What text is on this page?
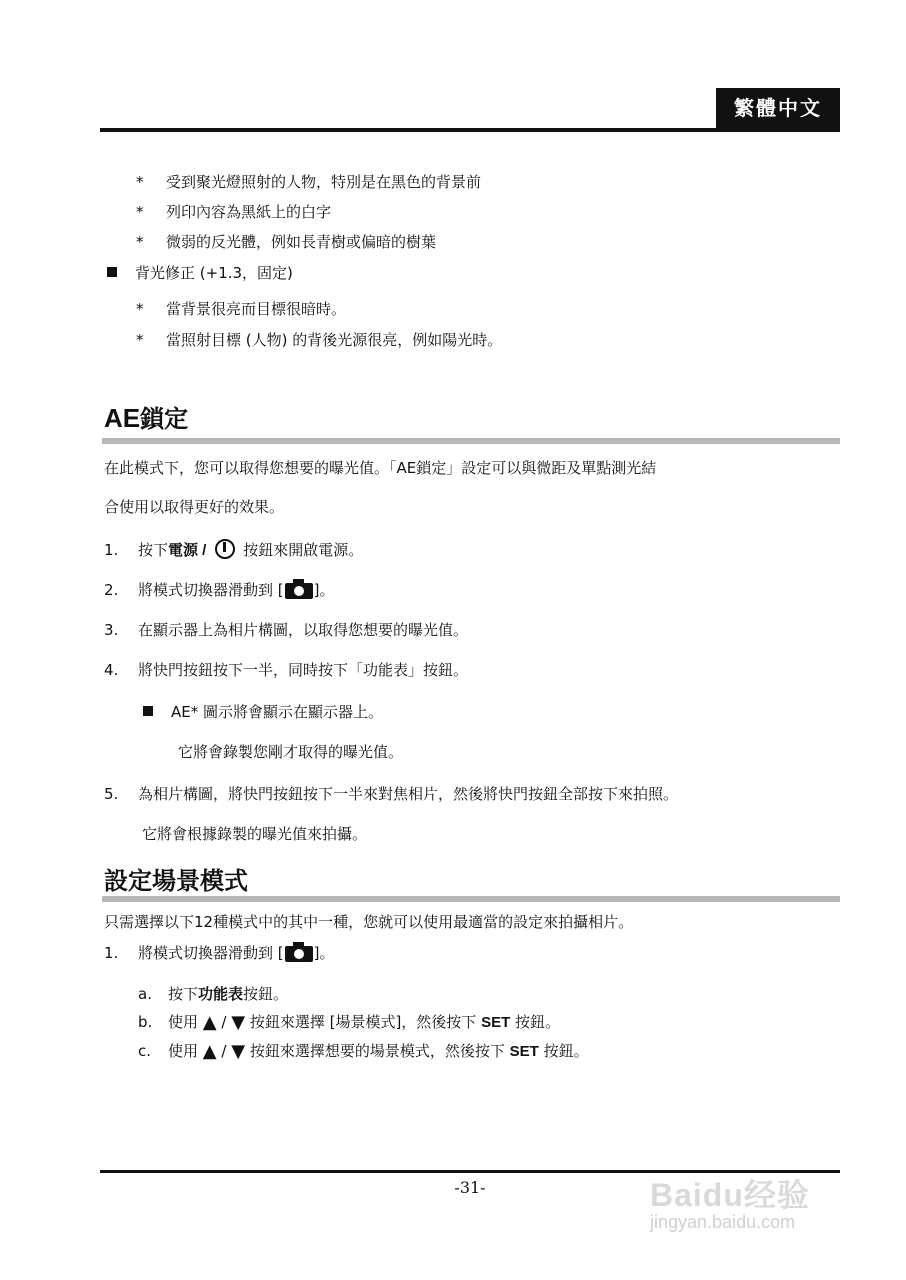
繁體中文
* 受到聚光燈照射的人物，特別是在黑色的背景前
* 列印內容為黑紙上的白字
* 微弱的反光體，例如長青樹或偏暗的樹葉
背光修正 (+1.3，固定)
* 當背景很亮而目標很暗時。
* 當照射目標 (人物) 的背後光源很亮，例如陽光時。
AE鎖定
在此模式下，您可以取得您想要的曝光值。「AE鎖定」設定可以與微距及單點測光結
合使用以取得更好的效果。
1. 按下電源 /  按鈕來開啟電源。
2. 將模式切換器滑動到 [ ]。
3. 在顯示器上為相片構圖，以取得您想要的曝光值。
4. 將快門按鈕按下一半，同時按下「功能表」按鈕。
AE* 圖示將會顯示在顯示器上。
它將會錄製您剛才取得的曝光值。
5. 為相片構圖，將快門按鈕按下一半來對焦相片，然後將快門按鈕全部按下來拍照。
它將會根據錄製的曝光值來拍攝。
設定場景模式
只需選擇以下12種模式中的其中一種，您就可以使用最適當的設定來拍攝相片。
1. 將模式切換器滑動到 [ ]。
a. 按下功能表按鈕。
b. 使用 ▲ / ▼ 按鈕來選擇 [場景模式]，然後按下 SET 按鈕。
c. 使用 ▲ / ▼ 按鈕來選擇想要的場景模式，然後按下 SET 按鈕。
-31-	Baidu经验
jingyan.baidu.com
